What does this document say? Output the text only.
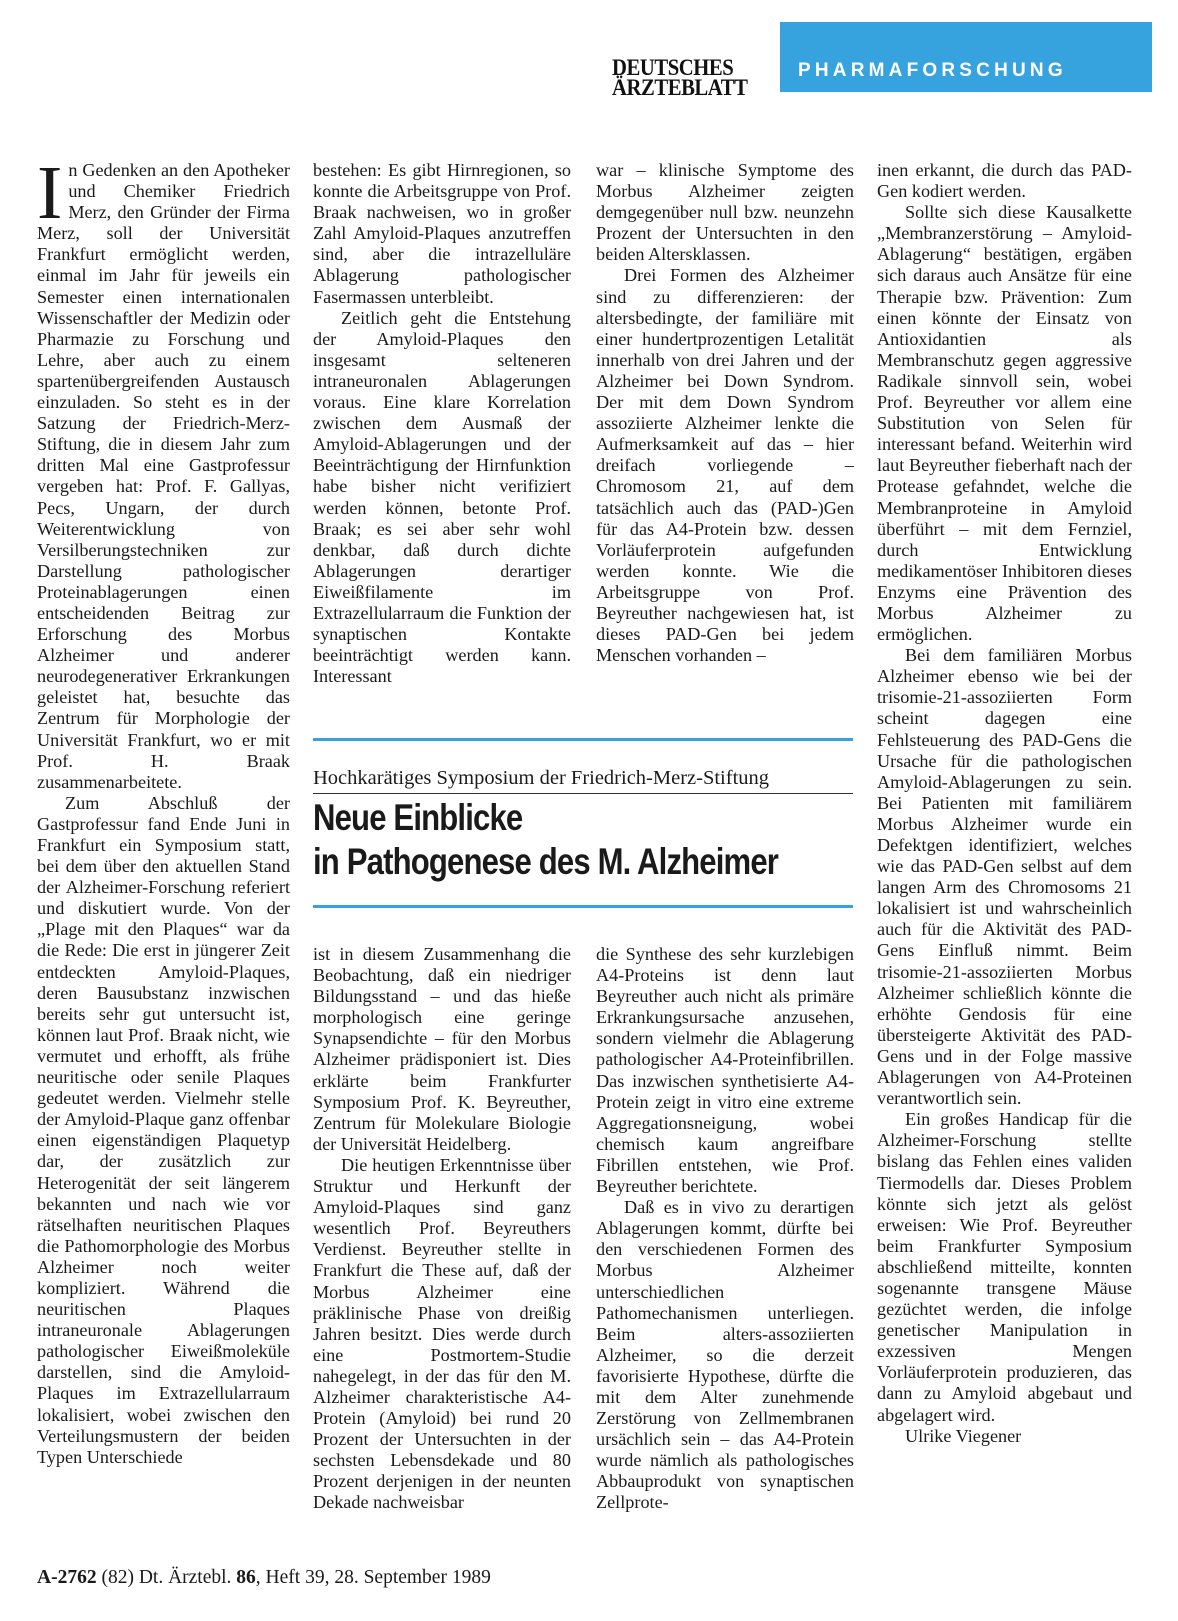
DEUTSCHES
ÄRZTEBLATT
PHARMAFORSCHUNG

In Gedenken an den Apotheker und Chemiker Friedrich Merz, den Gründer der Firma Merz, soll der Universität Frankfurt ermöglicht werden, einmal im Jahr für jeweils ein Semester einen internationalen Wissenschaftler der Medizin oder Pharmazie zu Forschung und Lehre, aber auch zu einem spartenübergreifenden Austausch einzuladen. So steht es in der Satzung der Friedrich-Merz-Stiftung, die in diesem Jahr zum dritten Mal eine Gastprofessur vergeben hat: Prof. F. Gallyas, Pecs, Ungarn, der durch Weiterentwicklung von Versilberungstechniken zur Darstellung pathologischer Proteinablagerungen einen entscheidenden Beitrag zur Erforschung des Morbus Alzheimer und anderer neurodegenerativer Erkrankungen geleistet hat, besuchte das Zentrum für Morphologie der Universität Frankfurt, wo er mit Prof. H. Braak zusammenarbeitete.

Zum Abschluß der Gastprofessur fand Ende Juni in Frankfurt ein Symposium statt, bei dem über den aktuellen Stand der Alzheimer-Forschung referiert und diskutiert wurde. Von der „Plage mit den Plaques“ war da die Rede: Die erst in jüngerer Zeit entdeckten Amyloid-Plaques, deren Bausubstanz inzwischen bereits sehr gut untersucht ist, können laut Prof. Braak nicht, wie vermutet und erhofft, als frühe neuritische oder senile Plaques gedeutet werden. Vielmehr stelle der Amyloid-Plaque ganz offenbar einen eigenständigen Plaquetyp dar, der zusätzlich zur Heterogenität der seit längerem bekannten und nach wie vor rätselhaften neuritischen Plaques die Pathomorphologie des Morbus Alzheimer noch weiter kompliziert. Während die neuritischen Plaques intraneuronale Ablagerungen pathologischer Eiweißmoleküle darstellen, sind die Amyloid-Plaques im Extrazellularraum lokalisiert, wobei zwischen den Verteilungsmustern der beiden Typen Unterschiede

bestehen: Es gibt Hirnregionen, so konnte die Arbeitsgruppe von Prof. Braak nachweisen, wo in großer Zahl Amyloid-Plaques anzutreffen sind, aber die intrazelluläre Ablagerung pathologischer Fasermassen unterbleibt.

Zeitlich geht die Entstehung der Amyloid-Plaques den insgesamt selteneren intraneuronalen Ablagerungen voraus. Eine klare Korrelation zwischen dem Ausmaß der Amyloid-Ablagerungen und der Beeinträchtigung der Hirnfunktion habe bisher nicht verifiziert werden können, betonte Prof. Braak; es sei aber sehr wohl denkbar, daß durch dichte Ablagerungen derartiger Eiweißfilamente im Extrazellularraum die Funktion der synaptischen Kontakte beeinträchtigt werden kann. Interessant

war – klinische Symptome des Morbus Alzheimer zeigten demgegenüber null bzw. neunzehn Prozent der Untersuchten in den beiden Altersklassen.

Drei Formen des Alzheimer sind zu differenzieren: der altersbedingte, der familiäre mit einer hundertprozentigen Letalität innerhalb von drei Jahren und der Alzheimer bei Down Syndrom. Der mit dem Down Syndrom assoziierte Alzheimer lenkte die Aufmerksamkeit auf das – hier dreifach vorliegende – Chromosom 21, auf dem tatsächlich auch das (PAD-)Gen für das A4-Protein bzw. dessen Vorläuferprotein aufgefunden werden konnte. Wie die Arbeitsgruppe von Prof. Beyreuther nachgewiesen hat, ist dieses PAD-Gen bei jedem Menschen vorhanden –

inen erkannt, die durch das PAD-Gen kodiert werden.

Sollte sich diese Kausalkette „Membranzerstörung – Amyloid-Ablagerung“ bestätigen, ergäben sich daraus auch Ansätze für eine Therapie bzw. Prävention: Zum einen könnte der Einsatz von Antioxidantien als Membranschutz gegen aggressive Radikale sinnvoll sein, wobei Prof. Beyreuther vor allem eine Substitution von Selen für interessant befand. Weiterhin wird laut Beyreuther fieberhaft nach der Protease gefahndet, welche die Membranproteine in Amyloid überführt – mit dem Fernziel, durch Entwicklung medikamentöser Inhibitoren dieses Enzyms eine Prävention des Morbus Alzheimer zu ermöglichen.

Bei dem familiären Morbus Alzheimer ebenso wie bei der trisomie-21-assoziierten Form scheint dagegen eine Fehlsteuerung des PAD-Gens die Ursache für die pathologischen Amyloid-Ablagerungen zu sein. Bei Patienten mit familiärem Morbus Alzheimer wurde ein Defektgen identifiziert, welches wie das PAD-Gen selbst auf dem langen Arm des Chromosoms 21 lokalisiert ist und wahrscheinlich auch für die Aktivität des PAD-Gens Einfluß nimmt. Beim trisomie-21-assoziierten Morbus Alzheimer schließlich könnte die erhöhte Gendosis für eine übersteigerte Aktivität des PAD-Gens und in der Folge massive Ablagerungen von A4-Proteinen verantwortlich sein.

Ein großes Handicap für die Alzheimer-Forschung stellte bislang das Fehlen eines validen Tiermodells dar. Dieses Problem könnte sich jetzt als gelöst erweisen: Wie Prof. Beyreuther beim Frankfurter Symposium abschließend mitteilte, konnten sogenannte transgene Mäuse gezüchtet werden, die infolge genetischer Manipulation in exzessiven Mengen Vorläuferprotein produzieren, das dann zu Amyloid abgebaut und abgelagert wird.

Ulrike Viegener

Hochkarätiges Symposium der Friedrich-Merz-Stiftung
Neue Einblicke
in Pathogenese des M. Alzheimer

ist in diesem Zusammenhang die Beobachtung, daß ein niedriger Bildungsstand – und das hieße morphologisch eine geringe Synapsendichte – für den Morbus Alzheimer prädisponiert ist. Dies erklärte beim Frankfurter Symposium Prof. K. Beyreuther, Zentrum für Molekulare Biologie der Universität Heidelberg.

Die heutigen Erkenntnisse über Struktur und Herkunft der Amyloid-Plaques sind ganz wesentlich Prof. Beyreuthers Verdienst. Beyreuther stellte in Frankfurt die These auf, daß der Morbus Alzheimer eine präklinische Phase von dreißig Jahren besitzt. Dies werde durch eine Postmortem-Studie nahegelegt, in der das für den M. Alzheimer charakteristische A4-Protein (Amyloid) bei rund 20 Prozent der Untersuchten in der sechsten Lebensdekade und 80 Prozent derjenigen in der neunten Dekade nachweisbar

die Synthese des sehr kurzlebigen A4-Proteins ist denn laut Beyreuther auch nicht als primäre Erkrankungsursache anzusehen, sondern vielmehr die Ablagerung pathologischer A4-Proteinfibrillen. Das inzwischen synthetisierte A4-Protein zeigt in vitro eine extreme Aggregationsneigung, wobei chemisch kaum angreifbare Fibrillen entstehen, wie Prof. Beyreuther berichtete.

Daß es in vivo zu derartigen Ablagerungen kommt, dürfte bei den verschiedenen Formen des Morbus Alzheimer unterschiedlichen Pathomechanismen unterliegen. Beim alters-assoziierten Alzheimer, so die derzeit favorisierte Hypothese, dürfte die mit dem Alter zunehmende Zerstörung von Zellmembranen ursächlich sein – das A4-Protein wurde nämlich als pathologisches Abbauprodukt von synaptischen Zellprote-

A-2762 (82) Dt. Ärztebl. 86, Heft 39, 28. September 1989
